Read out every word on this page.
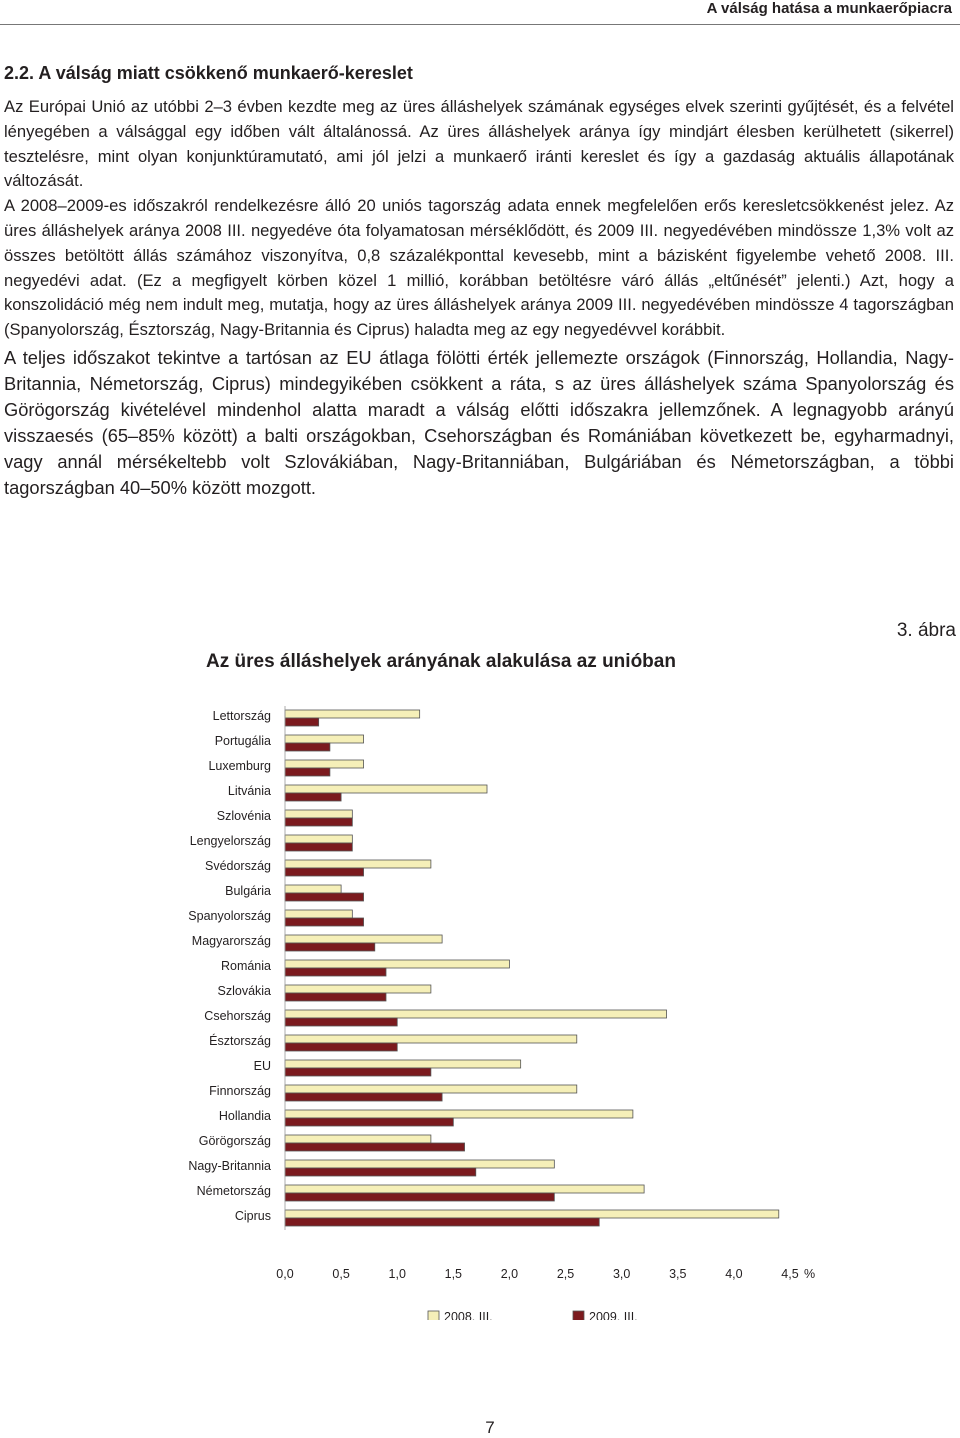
A válság hatása a munkaerőpiacra
2.2. A válság miatt csökkenő munkaerő-kereslet

Az Európai Unió az utóbbi 2–3 évben kezdte meg az üres álláshelyek számának egységes elvek szerinti gyűjtését, és a felvétel lényegében a válsággal egy időben vált általánossá. Az üres álláshelyek aránya így mindjárt élesben kerülhetett (sikerrel) tesztelésre, mint olyan konjunktúramutató, ami jól jelzi a munkaerő iránti kereslet és így a gazdaság aktuális állapotának változását.

A 2008–2009-es időszakról rendelkezésre álló 20 uniós tagország adata ennek megfelelően erős keresletcsökkenést jelez. Az üres álláshelyek aránya 2008 III. negyedéve óta folyamatosan mérséklődött, és 2009 III. negyedévében mindössze 1,3% volt az összes betöltött állás számához viszonyítva, 0,8 százalékponttal kevesebb, mint a bázisként figyelembe vehető 2008. III. negyedévi adat. (Ez a megfigyelt körben közel 1 millió, korábban betöltésre váró állás „eltűnését” jelenti.) Azt, hogy a konszolidáció még nem indult meg, mutatja, hogy az üres álláshelyek aránya 2009 III. negyedévében mindössze 4 tagországban (Spanyolország, Észtország, Nagy-Britannia és Ciprus) haladta meg az egy negyedévvel korábbit.

A teljes időszakot tekintve a tartósan az EU átlaga fölötti érték jellemezte országok (Finnország, Hollandia, Nagy-Britannia, Németország, Ciprus) mindegyikében csökkent a ráta, s az üres álláshelyek száma Spanyolország és Görögország kivételével mindenhol alatta maradt a válság előtti időszakra jellemzőnek. A legnagyobb arányú visszaesés (65–85% között) a balti országokban, Csehországban és Romániában következett be, egyharmadnyi, vagy annál mérsékeltebb volt Szlovákiában, Nagy-Britanniában, Bulgáriában és Németországban, a többi tagországban 40–50% között mozgott.

3. ábra
Az üres álláshelyek arányának alakulása az unióban
Lettország
Portugália
Luxemburg
Litvánia
Szlovénia
Lengyelország
Svédország
Bulgária
Spanyolország
Magyarország
Románia
Szlovákia
Csehország
Észtország
EU
Finnország
Hollandia
Görögország
Nagy-Britannia
Németország
Ciprus
0,0	0,5	1,0	1,5	2,0	2,5	3,0	3,5	4,0	4,5 %
2008. III.	2009. III.
7
